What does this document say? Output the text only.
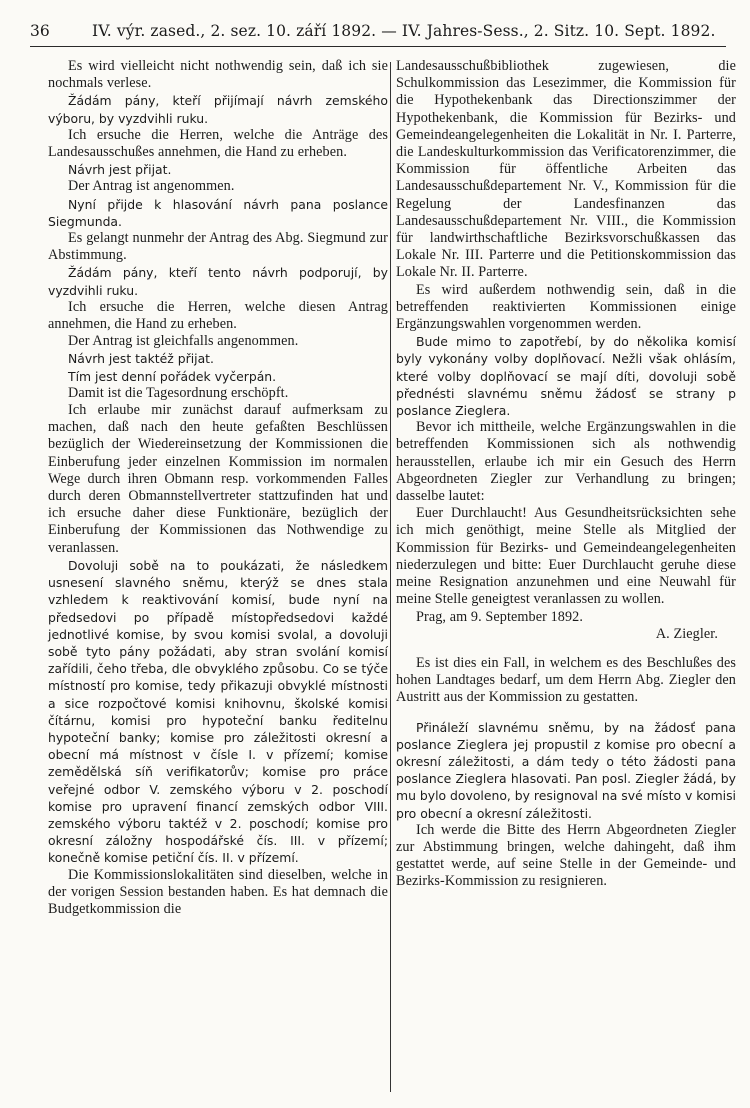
36	IV. výr. zased., 2. sez. 10. září 1892. — IV. Jahres-Sess., 2. Sitz. 10. Sept. 1892.

Es wird vielleicht nicht nothwendig sein, daß ich sie nochmals verlese.

Žádám pány, kteří přijímají návrh zemského výboru, by vyzdvihli ruku.

Ich ersuche die Herren, welche die Anträge des Landesausschußes annehmen, die Hand zu erheben.

Návrh jest přijat.

Der Antrag ist angenommen.

Nyní přijde k hlasování návrh pana poslance Siegmunda.

Es gelangt nunmehr der Antrag des Abg. Siegmund zur Abstimmung.

Žádám pány, kteří tento návrh podporují, by vyzdvihli ruku.

Ich ersuche die Herren, welche diesen Antrag annehmen, die Hand zu erheben.

Der Antrag ist gleichfalls angenommen.

Návrh jest taktéž přijat.

Tím jest denní pořádek vyčerpán.

Damit ist die Tagesordnung erschöpft.

Ich erlaube mir zunächst darauf aufmerksam zu machen, daß nach den heute gefaßten Beschlüssen bezüglich der Wiedereinsetzung der Kommissionen die Einberufung jeder einzelnen Kommission im normalen Wege durch ihren Obmann resp. vorkommenden Falles durch deren Obmannstellvertreter stattzufinden hat und ich ersuche daher diese Funktionäre, bezüglich der Einberufung der Kommissionen das Nothwendige zu veranlassen.

Dovoluji sobě na to poukázati, že následkem usnesení slavného sněmu, kterýž se dnes stala vzhledem k reaktivování komisí, bude nyní na předsedovi po případě místopředsedovi každé jednotlivé komise, by svou komisi svolal, a dovoluji sobě tyto pány požádati, aby stran svolání komisí zařídili, čeho třeba, dle obvyklého způsobu. Co se týče místností pro komise, tedy přikazuji obvyklé místnosti a sice rozpočtové komisi knihovnu, školské komisi čítárnu, komisi pro hypoteční banku ředitelnu hypoteční banky; komise pro záležitosti okresní a obecní má místnost v čísle I. v přízemí; komise zemědělská síň verifikatorův; komise pro práce veřejné odbor V. zemského výboru v 2. poschodí komise pro upravení financí zemských odbor VIII. zemského výboru taktéž v 2. poschodí; komise pro okresní záložny hospodářské čís. III. v přízemí; konečně komise petiční čís. II. v přízemí.

Die Kommissionslokalitäten sind dieselben, welche in der vorigen Session bestanden haben. Es hat demnach die Budgetkommission die

Landesausschußbibliothek zugewiesen, die Schulkommission das Lesezimmer, die Kommission für die Hypothekenbank das Directionszimmer der Hypothekenbank, die Kommission für Bezirks- und Gemeindeangelegenheiten die Lokalität in Nr. I. Parterre, die Landeskulturkommission das Verificatorenzimmer, die Kommission für öffentliche Arbeiten das Landesausschußdepartement Nr. V., Kommission für die Regelung der Landesfinanzen das Landesausschußdepartement Nr. VIII., die Kommission für landwirthschaftliche Bezirksvorschußkassen das Lokale Nr. III. Parterre und die Petitionskommission das Lokale Nr. II. Parterre.

Es wird außerdem nothwendig sein, daß in die betreffenden reaktivierten Kommissionen einige Ergänzungswahlen vorgenommen werden.

Bude mimo to zapotřebí, by do několika komisí byly vykonány volby doplňovací. Nežli však ohlásím, které volby doplňovací se mají díti, dovoluji sobě přednésti slavnému sněmu žádosť se strany p poslance Zieglera.

Bevor ich mittheile, welche Ergänzungswahlen in die betreffenden Kommissionen sich als nothwendig herausstellen, erlaube ich mir ein Gesuch des Herrn Abgeordneten Ziegler zur Verhandlung zu bringen; dasselbe lautet:

Euer Durchlaucht! Aus Gesundheitsrücksichten sehe ich mich genöthigt, meine Stelle als Mitglied der Kommission für Bezirks- und Gemeindeangelegenheiten niederzulegen und bitte: Euer Durchlaucht geruhe diese meine Resignation anzunehmen und eine Neuwahl für meine Stelle geneigtest veranlassen zu wollen.

Prag, am 9. September 1892.

A. Ziegler.

Es ist dies ein Fall, in welchem es des Beschlußes des hohen Landtages bedarf, um dem Herrn Abg. Ziegler den Austritt aus der Kommission zu gestatten.

Přináleží slavnému sněmu, by na žádosť pana poslance Zieglera jej propustil z komise pro obecní a okresní záležitosti, a dám tedy o této žádosti pana poslance Zieglera hlasovati. Pan posl. Ziegler žádá, by mu bylo dovoleno, by resignoval na své místo v komisi pro obecní a okresní záležitosti.

Ich werde die Bitte des Herrn Abgeordneten Ziegler zur Abstimmung bringen, welche dahingeht, daß ihm gestattet werde, auf seine Stelle in der Gemeinde- und Bezirks-Kommission zu resignieren.
